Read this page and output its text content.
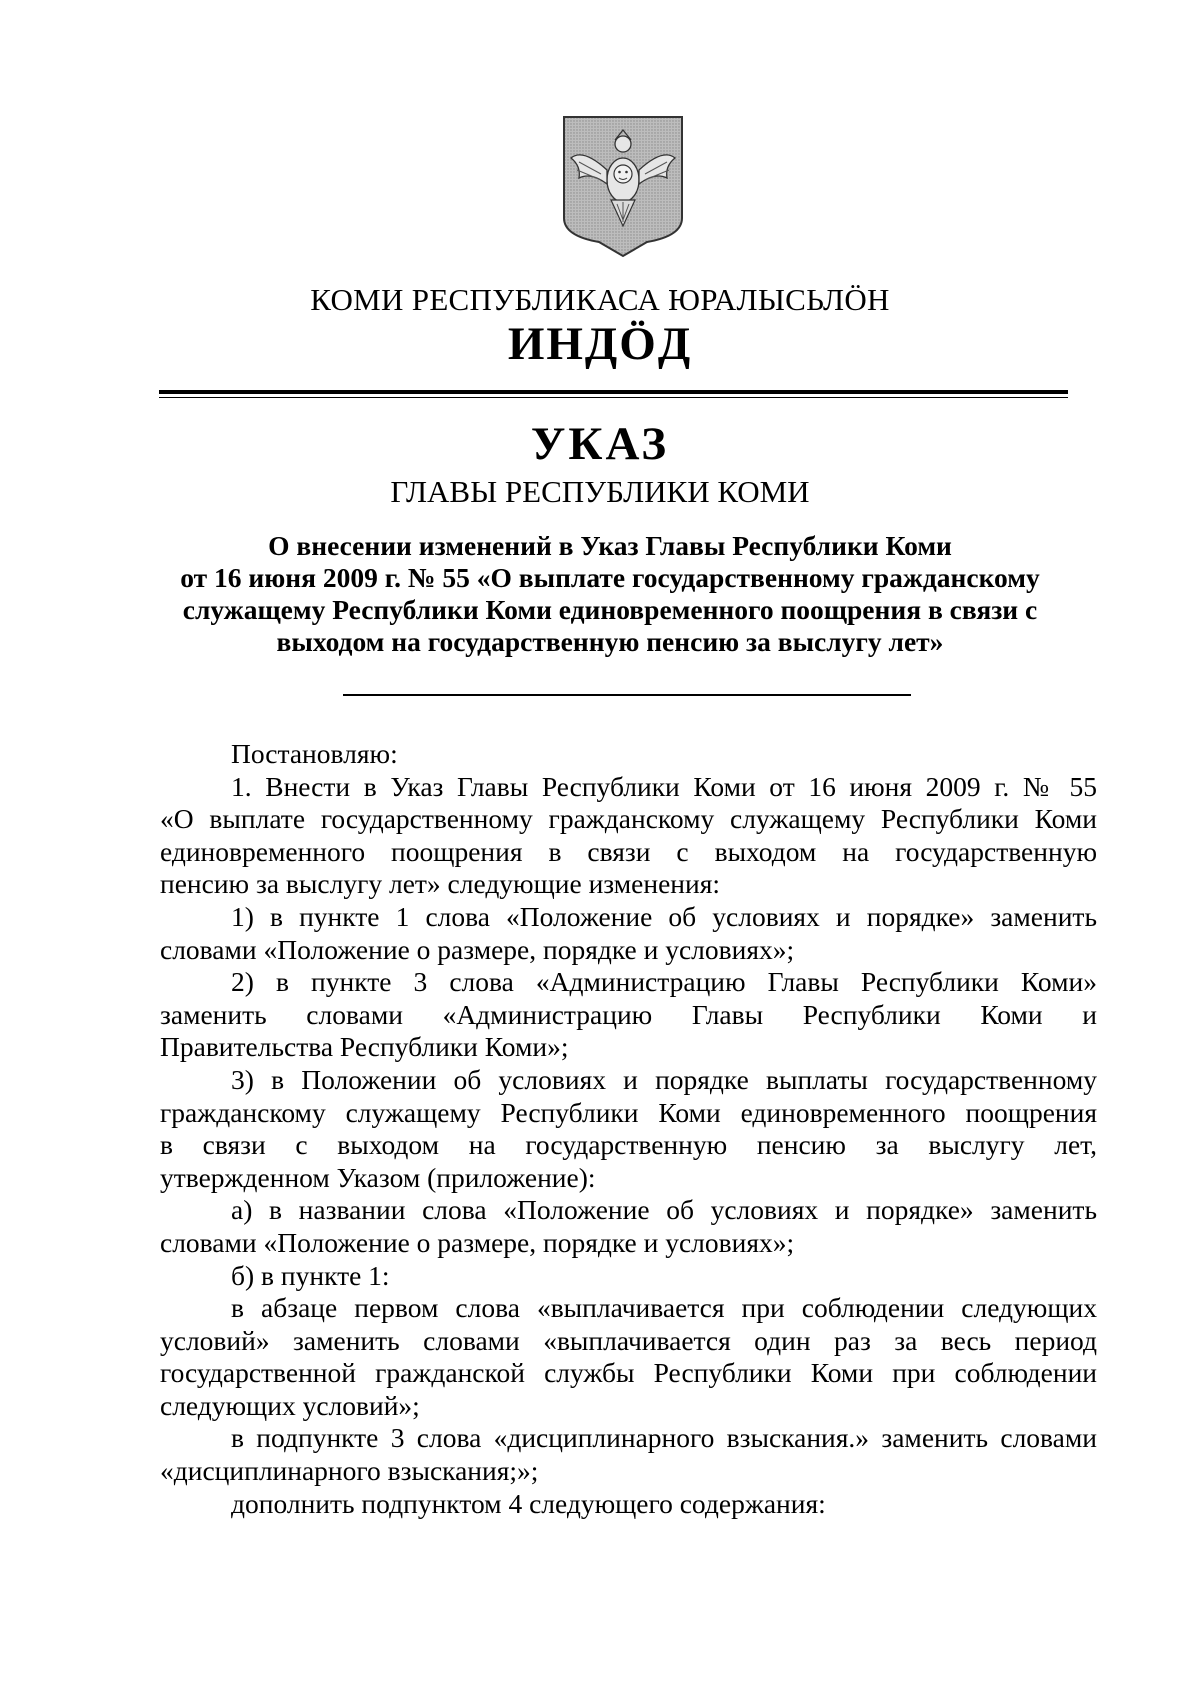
КОМИ РЕСПУБЛИКАСА ЮРАЛЫСЬЛÖН
ИНДÖД
УКАЗ
ГЛАВЫ РЕСПУБЛИКИ КОМИ
О внесении изменений в Указ Главы Республики Коми
от 16 июня 2009 г. № 55 «О выплате государственному гражданскому
служащему Республики Коми единовременного поощрения в связи с
выходом на государственную пенсию за выслугу лет»

Постановляю:

1. Внести в Указ Главы Республики Коми от 16 июня 2009 г. № 55

«О выплате государственному гражданскому служащему Республики Коми

единовременного поощрения в связи с выходом на государственную

пенсию за выслугу лет» следующие изменения:

1) в пункте 1 слова «Положение об условиях и порядке» заменить

словами «Положение о размере, порядке и условиях»;

2) в пункте 3 слова «Администрацию Главы Республики Коми»

заменить словами «Администрацию Главы Республики Коми и

Правительства Республики Коми»;

3) в Положении об условиях и порядке выплаты государственному

гражданскому служащему Республики Коми единовременного поощрения

в связи с выходом на государственную пенсию за выслугу лет,

утвержденном Указом (приложение):

а) в названии слова «Положение об условиях и порядке» заменить

словами «Положение о размере, порядке и условиях»;

б) в пункте 1:

в абзаце первом слова «выплачивается при соблюдении следующих

условий» заменить словами «выплачивается один раз за весь период

государственной гражданской службы Республики Коми при соблюдении

следующих условий»;

в подпункте 3 слова «дисциплинарного взыскания.» заменить словами

«дисциплинарного взыскания;»;

дополнить подпунктом 4 следующего содержания:
